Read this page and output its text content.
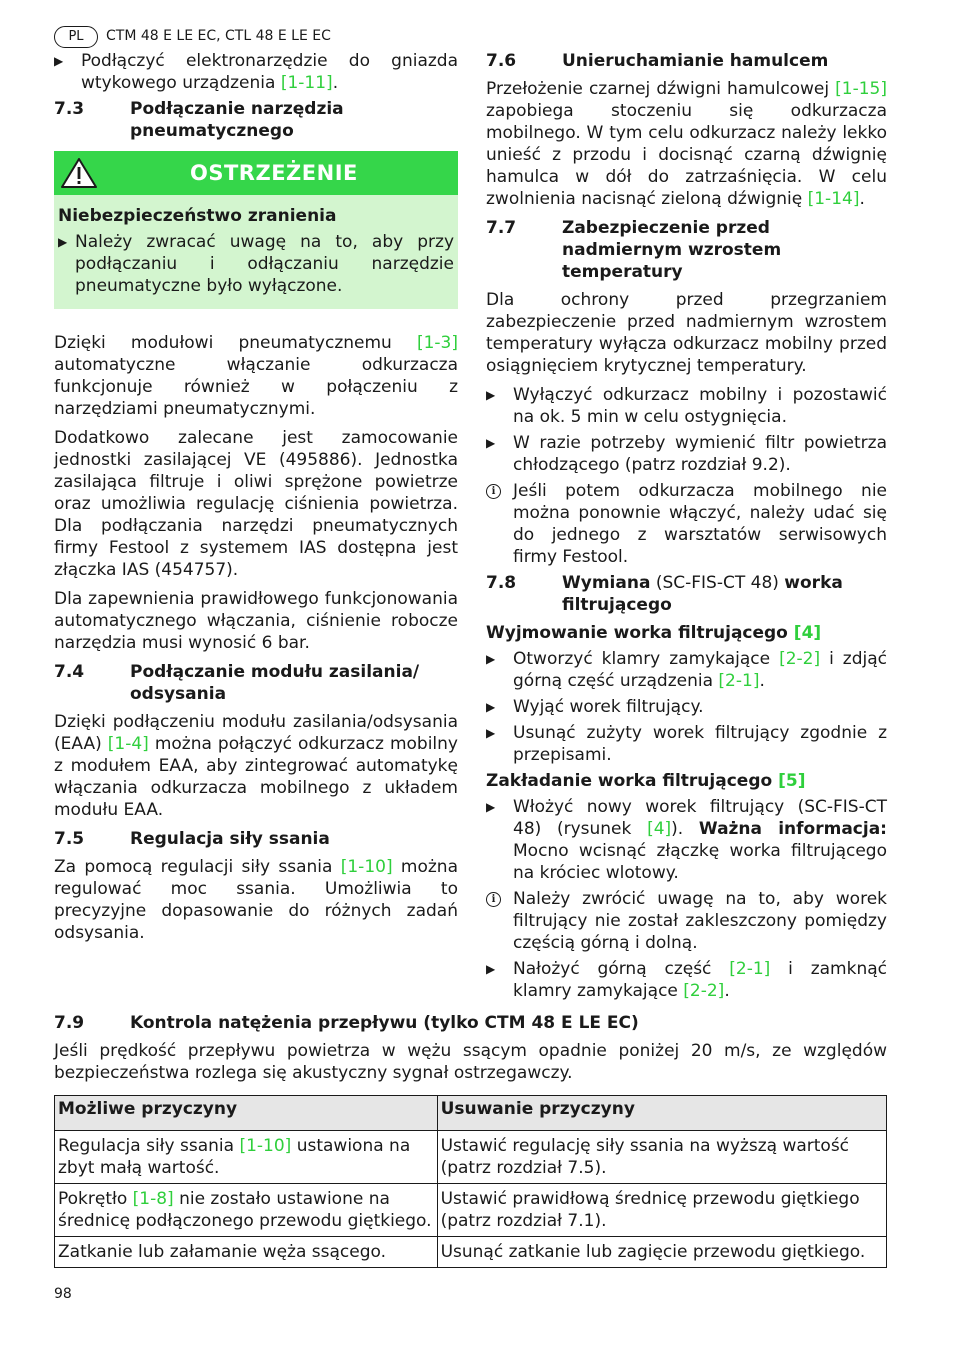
PL	CTM 48 E LE EC, CTL 48 E LE EC
▶	Podłączyć elektronarzędzie do gniazda wtykowego urządzenia [1-11].
7.3	Podłączanie narzędzia pneumatycznego
OSTRZEŻENIE
Niebezpieczeństwo zranienia
▶ Należy zwracać uwagę na to, aby przy podłączaniu i odłączaniu narzędzie pneumatyczne było wyłączone.

Dzięki modułowi pneumatycznemu [1-3] automatyczne włączanie odkurzacza funkcjonuje również w połączeniu z narzędziami pneumatycznymi.

Dodatkowo zalecane jest zamocowanie jednostki zasilającej VE (495886). Jednostka zasilająca filtruje i oliwi sprężone powietrze oraz umożliwia regulację ciśnienia powietrza. Dla podłączania narzędzi pneumatycznych firmy Festool z systemem IAS dostępna jest złączka IAS (454757).

Dla zapewnienia prawidłowego funkcjonowania automatycznego włączania, ciśnienie robocze narzędzia musi wynosić 6 bar.

7.4	Podłączanie modułu zasilania/ odsysania

Dzięki podłączeniu modułu zasilania/odsysania (EAA) [1-4] można połączyć odkurzacz mobilny z modułem EAA, aby zintegrować automatykę włączania odkurzacza mobilnego z układem modułu EAA.

7.5	Regulacja siły ssania

Za pomocą regulacji siły ssania [1-10] można regulować moc ssania. Umożliwia to precyzyjne dopasowanie do różnych zadań odsysania.

7.6	Unieruchamianie hamulcem

Przełożenie czarnej dźwigni hamulcowej [1-15] zapobiega stoczeniu się odkurzacza mobilnego. W tym celu odkurzacz należy lekko unieść z przodu i docisnąć czarną dźwignię hamulca w dół do zatrzaśnięcia. W celu zwolnienia nacisnąć zieloną dźwignię [1-14].

7.7	Zabezpieczenie przed nadmiernym wzrostem temperatury

Dla ochrony przed przegrzaniem zabezpieczenie przed nadmiernym wzrostem temperatury wyłącza odkurzacz mobilny przed osiągnięciem krytycznej temperatury.

▶	Wyłączyć odkurzacz mobilny i pozostawić na ok. 5 min w celu ostygnięcia.
▶	W razie potrzeby wymienić filtr powietrza chłodzącego (patrz rozdział 9.2).
i	Jeśli potem odkurzacza mobilnego nie można ponownie włączyć, należy udać się do jednego z warsztatów serwisowych firmy Festool.
7.8	Wymiana (SC-FIS-CT 48) worka filtrującego
Wyjmowanie worka filtrującego [4]
▶	Otworzyć klamry zamykające [2-2] i zdjąć górną część urządzenia [2-1].
▶	Wyjąć worek filtrujący.
▶	Usunąć zużyty worek filtrujący zgodnie z przepisami.
Zakładanie worka filtrującego [5]
▶	Włożyć nowy worek filtrujący (SC-FIS-CT 48) (rysunek [4]). Ważna informacja: Mocno wcisnąć złączkę worka filtrującego na króciec wlotowy.
i	Należy zwrócić uwagę na to, aby worek filtrujący nie został zakleszczony pomiędzy częścią górną i dolną.
▶	Nałożyć górną część [2-1] i zamknąć klamry zamykające [2-2].
7.9	Kontrola natężenia przepływu (tylko CTM 48 E LE EC)

Jeśli prędkość przepływu powietrza w wężu ssącym opadnie poniżej 20 m/s, ze względów bezpieczeństwa rozlega się akustyczny sygnał ostrzegawczy.

Możliwe przyczyny	Usuwanie przyczyny
Regulacja siły ssania [1-10] ustawiona na zbyt małą wartość.	Ustawić regulację siły ssania na wyższą wartość (patrz rozdział 7.5).
Pokrętło [1-8] nie zostało ustawione na średnicę podłączonego przewodu giętkiego.	Ustawić prawidłową średnicę przewodu giętkiego (patrz rozdział 7.1).
Zatkanie lub załamanie węża ssącego.	Usunąć zatkanie lub zagięcie przewodu giętkiego.
98
